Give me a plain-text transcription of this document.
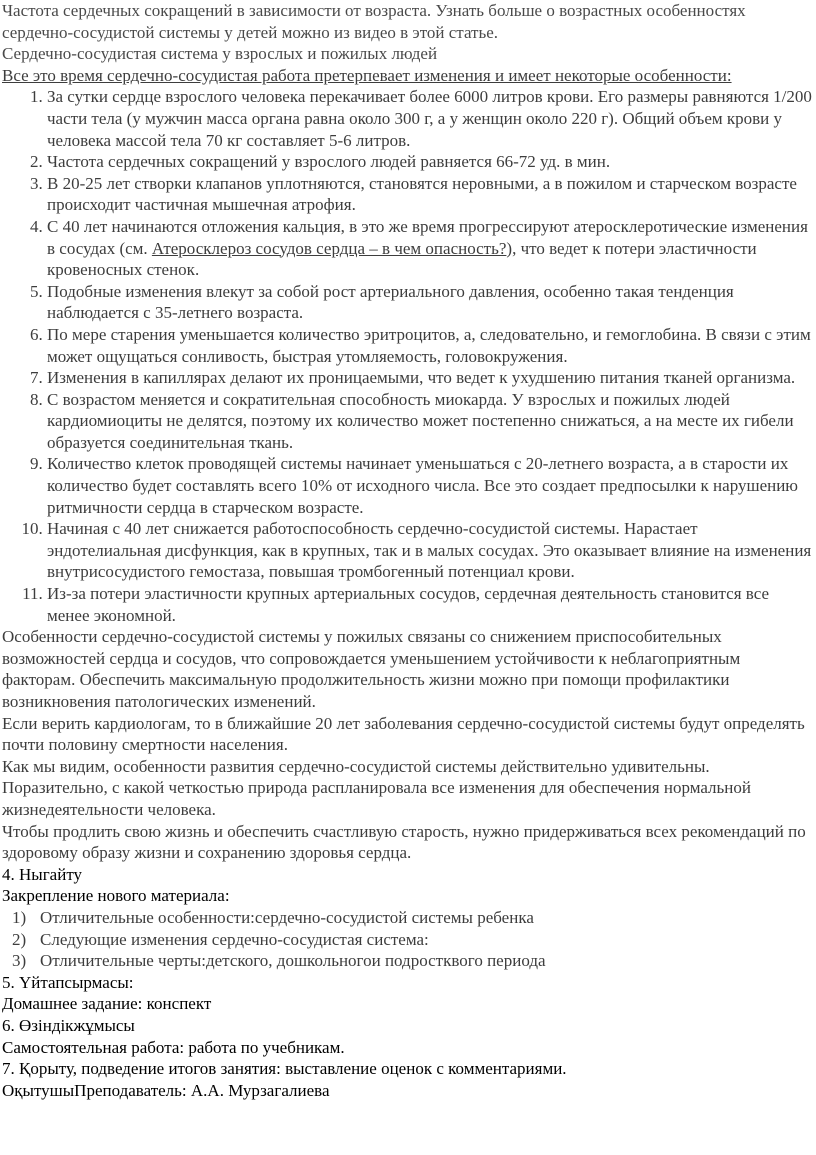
Частота сердечных сокращений в зависимости от возраста. Узнать больше о возрастных особенностях сердечно-сосудистой системы у детей можно из видео в этой статье.

Сердечно-сосудистая система у взрослых и пожилых людей

Все это время сердечно-сосудистая работа претерпевает изменения и имеет некоторые особенности:

1. За сутки сердце взрослого человека перекачивает более 6000 литров крови. Его размеры равняются 1/200 части тела (у мужчин масса органа равна около 300 г, а у женщин около 220 г). Общий объем крови у человека массой тела 70 кг составляет 5-6 литров.
2. Частота сердечных сокращений у взрослого людей равняется 66-72 уд. в мин.
3. В 20-25 лет створки клапанов уплотняются, становятся неровными, а в пожилом и старческом возрасте происходит частичная мышечная атрофия.
4. С 40 лет начинаются отложения кальция, в это же время прогрессируют атеросклеротические изменения в сосудах (см. Атеросклероз сосудов сердца – в чем опасность?), что ведет к потери эластичности кровеносных стенок.
5. Подобные изменения влекут за собой рост артериального давления, особенно такая тенденция наблюдается с 35-летнего возраста.
6. По мере старения уменьшается количество эритроцитов, а, следовательно, и гемоглобина. В связи с этим может ощущаться сонливость, быстрая утомляемость, головокружения.
7. Изменения в капиллярах делают их проницаемыми, что ведет к ухудшению питания тканей организма.
8. С возрастом меняется и сократительная способность миокарда. У взрослых и пожилых людей кардиомиоциты не делятся, поэтому их количество может постепенно снижаться, а на месте их гибели образуется соединительная ткань.
9. Количество клеток проводящей системы начинает уменьшаться с 20-летнего возраста, а в старости их количество будет составлять всего 10% от исходного числа. Все это создает предпосылки к нарушению ритмичности сердца в старческом возрасте.
10. Начиная с 40 лет снижается работоспособность сердечно-сосудистой системы. Нарастает эндотелиальная дисфункция, как в крупных, так и в малых сосудах. Это оказывает влияние на изменения внутрисосудистого гемостаза, повышая тромбогенный потенциал крови.
11. Из-за потери эластичности крупных артериальных сосудов, сердечная деятельность становится все менее экономной.

Особенности сердечно-сосудистой системы у пожилых связаны со снижением приспособительных возможностей сердца и сосудов, что сопровождается уменьшением устойчивости к неблагоприятным факторам. Обеспечить максимальную продолжительность жизни можно при помощи профилактики возникновения патологических изменений.

Если верить кардиологам, то в ближайшие 20 лет заболевания сердечно-сосудистой системы будут определять почти половину смертности населения.

Как мы видим, особенности развития сердечно-сосудистой системы действительно удивительны. Поразительно, с какой четкостью природа распланировала все изменения для обеспечения нормальной жизнедеятельности человека.

Чтобы продлить свою жизнь и обеспечить счастливую старость, нужно придерживаться всех рекомендаций по здоровому образу жизни и сохранению здоровья сердца.

4. Ныгайту

Закрепление нового материала:

1) Отличительные особенности:сердечно-сосудистой системы ребенка
2) Следующие изменения сердечно-сосудистая система:
3) Отличительные черты:детского, дошкольногои подростквого периода

5. Үйтапсырмасы:

Домашнее задание: конспект

6. Өзіндікжұмысы

Самостоятельная работа: работа по учебникам.

7. Қорыту, подведение итогов занятия: выставление оценок с комментариями.

ОқытушыПреподаватель: А.А. Мурзагалиева
